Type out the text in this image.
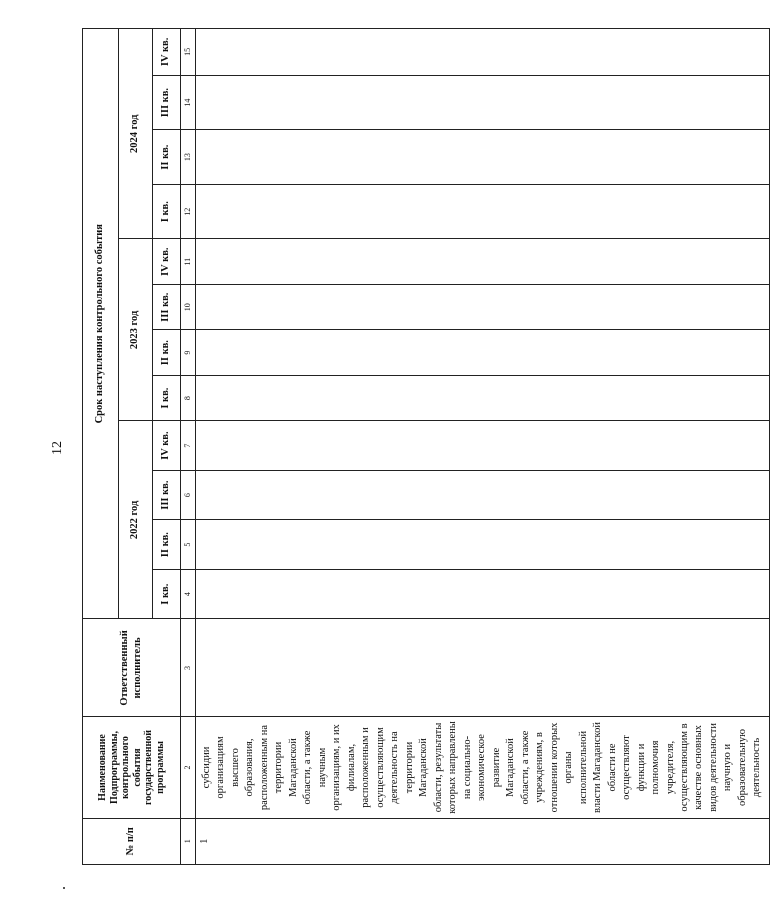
12
№ п/п	Наименование Подпрограммы, контрольного события государственной программы	Ответственный исполнитель	Срок наступления контрольного события											
			2022 год				2023 год				2024 год			
			I кв.	II кв.	III кв.	IV кв.	I кв.	II кв.	III кв.	IV кв.	I кв.	II кв.	III кв.	IV кв.
1	2	3	4	5	6	7	8	9	10	11	12	13	14	15

1	субсидии организациям высшего образования, расположенным на территории Магаданской области, а также научным организациям, и их филиалам, расположенным и осуществляющим деятельность на территории Магаданской области, результаты которых направлены на социально-экономическое развитие Магаданской области, а также учреждениям, в отношении которых органы исполнительной власти Магаданской области не осуществляют функции и полномочия учредителя, осуществляющим в качестве основных видов деятельности научную и образовательную деятельность													
